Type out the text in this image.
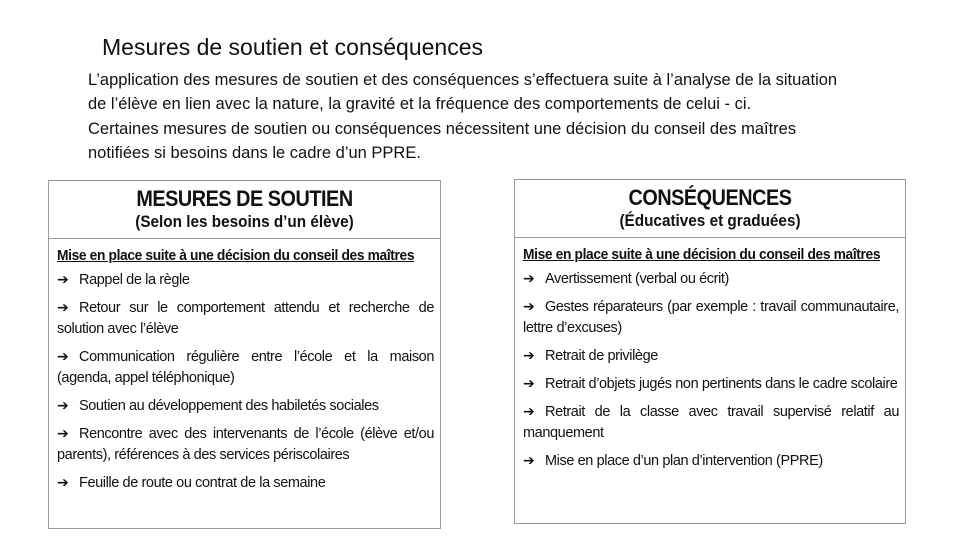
Mesures de soutien et conséquences

L’application des mesures de soutien et des conséquences s’effectuera suite à l’analyse de la situation

de l’élève en lien avec la nature, la gravité et la fréquence des comportements de celui - ci.

Certaines mesures de soutien ou conséquences nécessitent une décision du conseil des maîtres

notifiées si besoins dans le cadre d’un PPRE.

MESURES DE SOUTIEN
(Selon les besoins d’un élève)
Mise en place suite à une décision du conseil des maîtres
➔ Rappel de la règle
➔ Retour sur le comportement attendu et recherche de solution avec l’élève
➔ Communication régulière entre l’école et la maison (agenda, appel téléphonique)
➔ Soutien au développement des habiletés sociales
➔ Rencontre avec des intervenants de l’école (élève et/ou parents), références à des services périscolaires
➔ Feuille de route ou contrat de la semaine
CONSÉQUENCES
(Éducatives et graduées)
Mise en place suite à une décision du conseil des maîtres
➔ Avertissement (verbal ou écrit)
➔ Gestes réparateurs (par exemple : travail communautaire, lettre d’excuses)
➔ Retrait de privilège
➔ Retrait d’objets jugés non pertinents dans le cadre scolaire
➔ Retrait de la classe avec travail supervisé relatif au manquement
➔ Mise en place d’un plan d’intervention (PPRE)
